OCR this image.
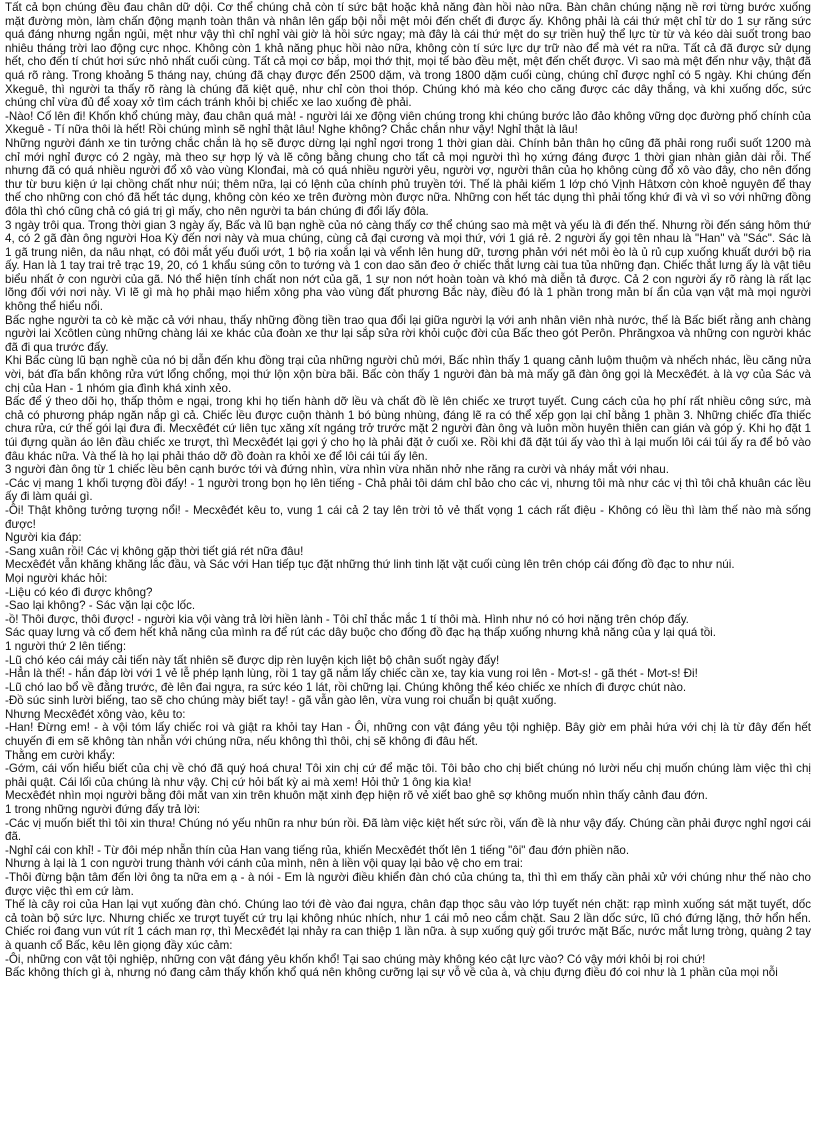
Tất cả bọn chúng đều đau chân dữ dội. Cơ thể chúng chả còn tí sức bật hoặc khả năng đàn hồi nào nữa. Bàn chân chúng nặng nề rơi từng bước xuống mặt đường mòn, làm chấn động mạnh toàn thân và nhân lên gấp bội nỗi mệt mỏi đến chết đi được ấy. Không phải là cái thứ mệt chỉ từ do 1 sự răng sức quá đáng nhưng ngắn ngủi, mệt như vậy thì chỉ nghỉ vài giờ là hồi sức ngay; mà đây là cái thứ mệt do sự triền huỷ thể lực từ từ và kéo dài suốt trong bao nhiêu tháng trời lao động cực nhọc. Không còn 1 khả năng phục hồi nào nữa, không còn tí sức lực dự trữ nào để mà vét ra nữa. Tất cả đã được sử dụng hết, cho đến tí chút hơi sức nhỏ nhất cuối cùng. Tất cả mọi cơ bắp, mọi thớ thịt, mọi tế bào đều mệt, mệt đến chết được. Vì sao mà mệt đến như vậy, thật đã quá rõ ràng. Trong khoảng 5 tháng nay, chúng đã chạy được đến 2500 dặm, và trong 1800 dặm cuối cùng, chúng chỉ được nghỉ có 5 ngày. Khi chúng đến Xkeguê, thì người ta thấy rõ ràng là chúng đã kiệt quệ, như chỉ còn thoi thóp. Chúng khó mà kéo cho căng được các dây thắng, và khi xuống dốc, sức chúng chỉ vừa đủ để xoay xở tìm cách tránh khỏi bị chiếc xe lao xuống đè phải.

-Nào! Cố lên đi! Khốn khổ chúng mày, đau chân quá mà! - người lái xe động viên chúng trong khi chúng bước lảo đảo không vững dọc đường phố chính của Xkeguê - Tí nữa thôi là hết! Rồi chúng mình sẽ nghỉ thật lâu! Nghe không? Chắc chắn như vậy! Nghỉ thật là lâu!

Những người đánh xe tin tưởng chắc chắn là họ sẽ được dừng lại nghỉ ngơi trong 1 thời gian dài. Chính bản thân họ cũng đã phải rong ruổi suốt 1200 mà chỉ mới nghỉ được có 2 ngày, mà theo sự hợp lý và lẽ công bằng chung cho tất cả mọi người thì họ xứng đáng được 1 thời gian nhàn giản dài rỗi. Thế nhưng đã có quá nhiều người đổ xô vào vùng Klonđai, mà có quá nhiều người yêu, người vợ, người thân của họ không cùng đổ xô vào đây, cho nên đống thư từ bưu kiện ứ lại chồng chất như núi; thêm nữa, lại có lệnh của chính phủ truyền tới. Thế là phải kiếm 1 lớp chó Vịnh Hâtxơn còn khoẻ nguyên để thay thế cho những con chó đã hết tác dụng, không còn kéo xe trên đường mòn được nữa. Những con hết tác dụng thì phải tống khứ đi và vì so với những đồng đôla thì chó cũng chả có giá trị gì mấy, cho nên người ta bán chúng đi đổi lấy đôla.

3 ngày trôi qua. Trong thời gian 3 ngày ấy, Bấc và lũ bạn nghề của nó càng thấy cơ thể chúng sao mà mệt và yếu là đi đến thế. Nhưng rồi đến sáng hôm thứ 4, có 2 gã đàn ông người Hoa Kỳ đến nơi này và mua chúng, cùng cả đại cương và mọi thứ, với 1 giá rẻ. 2 người ấy gọi tên nhau là "Han" và "Sác". Sác là 1 gã trung niên, da nâu nhạt, có đôi mắt yếu đuối ướt, 1 bộ ria xoắn lại và vểnh lên hung dữ, tương phản với nét môi èo là ủ rủ cụp xuống khuất dưới bộ ria ấy. Han là 1 tay trai trẻ trạc 19, 20, có 1 khẩu súng côn to tướng và 1 con dao săn đeo ở chiếc thắt lưng cài tua tủa những đạn. Chiếc thắt lưng ấy là vật tiêu biểu nhất ở con người của gã. Nó thể hiện tính chất non nớt của gã, 1 sự non nớt hoàn toàn và khó mà diễn tả được. Cả 2 con người ấy rõ ràng là rất lạc lõng đối với nơi này. Vì lẽ gì mà họ phải mạo hiểm xông pha vào vùng đất phương Bắc này, điều đó là 1 phần trong mản bí ẩn của vạn vật mà mọi người không thể hiểu nổi.

Bấc nghe người ta cò kè mặc cả với nhau, thấy những đồng tiền trao qua đổi lại giữa người lạ với anh nhân viên nhà nước, thế là Bấc biết rằng anh chàng người lai Xcôtlen cùng những chàng lái xe khác của đoàn xe thư lại sắp sửa rời khỏi cuộc đời của Bấc theo gót Perôn. Phrăngxoa và những con người khác đã đi qua trước đấy.

Khi Bấc cùng lũ bạn nghề của nó bị dẫn đến khu đồng trại của những người chủ mới, Bấc nhìn thấy 1 quang cảnh luộm thuộm và nhếch nhác, lều căng nửa vời, bát đĩa bẩn không rửa vứt lổng chổng, mọi thứ lộn xộn bừa bãi. Bấc còn thấy 1 người đàn bà mà mấy gã đàn ông gọi là Mecxêđét. à là vợ của Sác và chị của Han - 1 nhóm gia đình khá xinh xẻo.

Bấc để ý theo dõi họ, thấp thỏm e ngại, trong khi họ tiến hành dỡ lều và chất đồ lề lên chiếc xe trượt tuyết. Cung cách của họ phí rất nhiều công sức, mà chả có phương pháp ngăn nắp gì cả. Chiếc lều được cuộn thành 1 bó bùng nhùng, đáng lẽ ra có thể xếp gọn lại chỉ bằng 1 phần 3. Những chiếc đĩa thiếc chưa rửa, cứ thế gói lại đưa đi. Mecxêđét cứ liên tục xăng xít ngáng trở trước mặt 2 người đàn ông và luôn mồn huyên thiên can gián và góp ý. Khi họ đặt 1 túi đựng quần áo lên đầu chiếc xe trượt, thì Mecxêđét lại gợi ý cho họ là phải đặt ở cuối xe. Rồi khi đã đặt túi ấy vào thì à lại muốn lôi cái túi ấy ra để bỏ vào đâu khác nữa. Và thế là họ lại phải tháo dỡ đồ đoàn ra khỏi xe để lôi cái túi ấy lên.

3 người đàn ông từ 1 chiếc lều bên cạnh bước tới và đứng nhìn, vừa nhìn vừa nhăn nhở nhe răng ra cười và nháy mắt với nhau.

-Các vị mang 1 khối tượng đồi đấy! - 1 người trong bọn họ lên tiếng - Chả phải tôi dám chỉ bảo cho các vị, nhưng tôi mà như các vị thì tôi chả khuân các lều ấy đi làm quái gì.

-Ôi! Thật không tưởng tượng nổi! - Mecxêđét kêu to, vung 1 cái cả 2 tay lên trời tỏ vẻ thất vọng 1 cách rất điệu - Không có lều thì làm thế nào mà sống được!

Người kia đáp:

-Sang xuân rồi! Các vị không gặp thời tiết giá rét nữa đâu!

Mecxêđét vẫn khăng khăng lắc đầu, và Sác với Han tiếp tục đặt những thứ linh tinh lặt vặt cuối cùng lên trên chóp cái đống đồ đạc to như núi.

Mọi người khác hỏi:

-Liệu có kéo đi được không?

-Sao lại không? - Sác vặn lại cộc lốc.

-ồ! Thôi được, thôi được! - người kia vội vàng trả lời hiền lành - Tôi chỉ thắc mắc 1 tí thôi mà. Hình như nó có hơi nặng trên chóp đấy.

Sác quay lưng và cố đem hết khả năng của mình ra để rút các dây buộc cho đống đồ đạc hạ thấp xuống nhưng khả năng của y lại quá tồi.

1 người thứ 2 lên tiếng:

-Lũ chó kéo cái máy cải tiến này tất nhiên sẽ được dịp rèn luyện kịch liệt bộ chân suốt ngày đấy!

-Hẳn là thế! - hắn đáp lời với 1 vẻ lễ phép lạnh lùng, rồi 1 tay gã nắm lấy chiếc cần xe, tay kia vung roi lên - Mơt-s! - gã thét - Mơt-s! Đi!

-Lũ chó lao bổ về đằng trước, đè lên đai ngựa, ra sức kéo 1 lát, rồi chững lại. Chúng không thể kéo chiếc xe nhích đi được chút nào.

-Đồ súc sinh lười biếng, tao sẽ cho chúng mày biết tay! - gã vẫn gào lên, vừa vung roi chuẩn bị quật xuống.

Nhưng Mecxêđét xông vào, kêu to:

-Han! Đừng em! - à vội tóm lấy chiếc roi và giật ra khỏi tay Han - Ôi, những con vật đáng yêu tội nghiệp. Bây giờ em phải hứa với chị là từ đây đến hết chuyến đi em sẽ không tàn nhẫn với chúng nữa, nếu không thì thôi, chị sẽ không đi đâu hết.

Thằng em cười khẩy:

-Gớm, cái vốn hiểu biết của chị về chó đã quý hoá chưa! Tôi xin chị cứ để mặc tôi. Tôi bảo cho chị biết chúng nó lười nếu chị muốn chúng làm việc thì chị phải quật. Cái lối của chúng là như vậy. Chị cứ hỏi bất kỳ ai mà xem! Hỏi thử 1 ông kia kìa!

Mecxêđét nhìn mọi người bằng đôi mắt van xin trên khuôn mặt xinh đẹp hiện rõ vẻ xiết bao ghê sợ không muốn nhìn thấy cảnh đau đớn.

1 trong những người đứng đấy trả lời:

-Các vị muốn biết thì tôi xin thưa! Chúng nó yếu nhũn ra như bún rồi. Đã làm việc kiệt hết sức rồi, vấn đề là như vậy đấy. Chúng cần phải được nghỉ ngơi cái đã.

-Nghỉ cái con khỉ! - Từ đôi mép nhẵn thín của Han vang tiếng rủa, khiến Mecxêđét thốt lên 1 tiếng "ôi" đau đớn phiền não.

Nhưng à lại là 1 con người trung thành với cánh của mình, nên à liền vội quay lại bảo vệ cho em trai:

-Thôi đừng bận tâm đến lời ông ta nữa em ạ - à nói - Em là người điều khiển đàn chó của chúng ta, thì thì em thấy cần phải xử với chúng như thế nào cho được việc thì em cứ làm.

Thế là cây roi của Han lại vụt xuống đàn chó. Chúng lao tới đè vào đai ngựa, chân đạp thọc sâu vào lớp tuyết nén chặt: rạp mình xuống sát mặt tuyết, dốc cả toàn bộ sức lực. Nhưng chiếc xe trượt tuyết cứ trụ lại không nhúc nhích, như 1 cái mỏ neo cắm chặt. Sau 2 lần dốc sức, lũ chó đứng lặng, thở hổn hển. Chiếc roi đang vun vút rít 1 cách man rợ, thì Mecxêđét lại nhảy ra can thiệp 1 lần nữa. à sụp xuống quỳ gối trước mặt Bấc, nước mắt lưng tròng, quàng 2 tay à quanh cổ Bấc, kêu lên giọng đầy xúc cảm:

-Ôi, những con vật tội nghiệp, những con vật đáng yêu khốn khổ! Tại sao chúng mày không kéo cật lực vào? Có vậy mới khỏi bị roi chứ!

Bấc không thích gì à, nhưng nó đang cảm thấy khốn khổ quá nên không cưỡng lại sự vỗ về của à, và chịu đựng điều đó coi như là 1 phần của mọi nỗi
